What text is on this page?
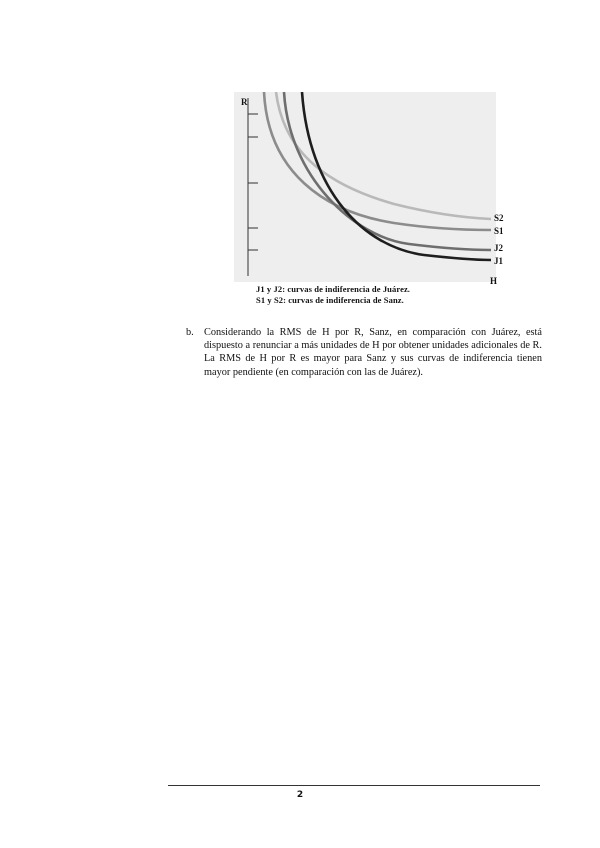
R
S2
S1
J2
J1
H
J1 y J2: curvas de indiferencia de Juárez.
S1 y S2: curvas de indiferencia de Sanz.
b. Considerando la RMS de H por R, Sanz, en comparación con Juárez, está dispuesto a renunciar a más unidades de H por obtener unidades adicionales de R. La RMS de H por R es mayor para Sanz y sus curvas de indiferencia tienen mayor pendiente (en comparación con las de Juárez).
2
